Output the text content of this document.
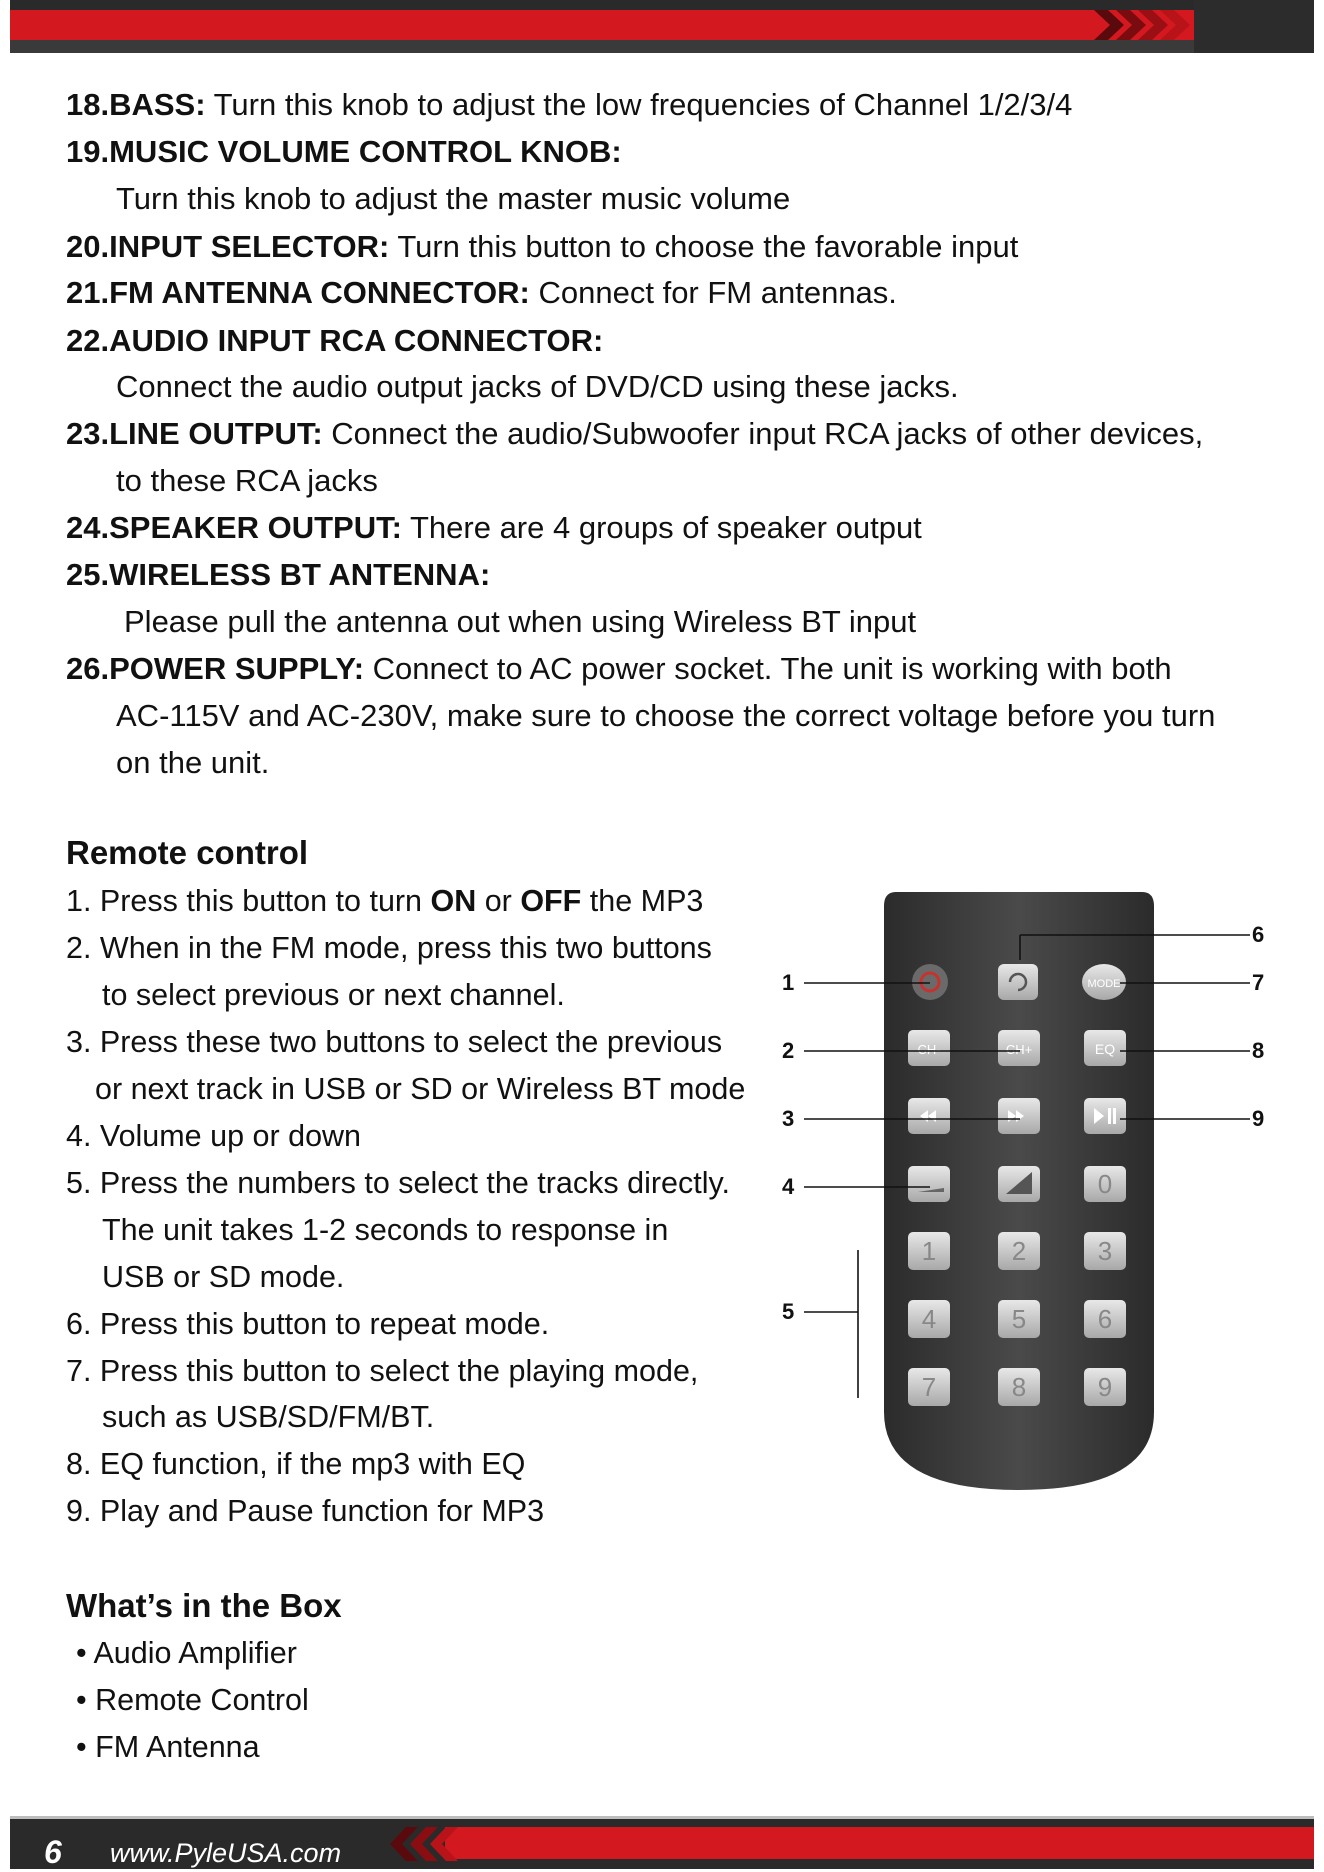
18.BASS: Turn this knob to adjust the low frequencies of Channel 1/2/3/4
19.MUSIC VOLUME CONTROL KNOB:
Turn this knob to adjust the master music volume
20.INPUT SELECTOR: Turn this button to choose the favorable input
21.FM ANTENNA CONNECTOR: Connect for FM antennas.
22.AUDIO INPUT RCA CONNECTOR:
Connect the audio output jacks of DVD/CD using these jacks.
23.LINE OUTPUT: Connect the audio/Subwoofer input RCA jacks of other devices,
to these RCA jacks
24.SPEAKER OUTPUT: There are 4 groups of speaker output
25.WIRELESS BT ANTENNA:
Please pull the antenna out when using Wireless BT input
26.POWER SUPPLY: Connect to AC power socket. The unit is working with both
AC-115V and AC-230V, make sure to choose the correct voltage before you turn
on the unit.
Remote control
1. Press this button to turn ON or OFF the MP3
2. When in the FM mode, press this two buttons
to select previous or next channel.
3. Press these two buttons to select the previous
or next track in USB or SD or Wireless BT mode
4. Volume up or down
5. Press the numbers to select the tracks directly.
The unit takes 1-2 seconds to response in
USB or SD mode.
6. Press this button to repeat mode.
7. Press this button to select the playing mode,
such as USB/SD/FM/BT.
8. EQ function, if the mp3 with EQ
9. Play and Pause function for MP3
MODE
CH-	CH+	EQ
0
1	2	3
4	5	6
7	8	9
1
2
3
4
5
6
7
8
9
What’s in the Box
• Audio Amplifier
• Remote Control
• FM Antenna
6 www.PyleUSA.com
